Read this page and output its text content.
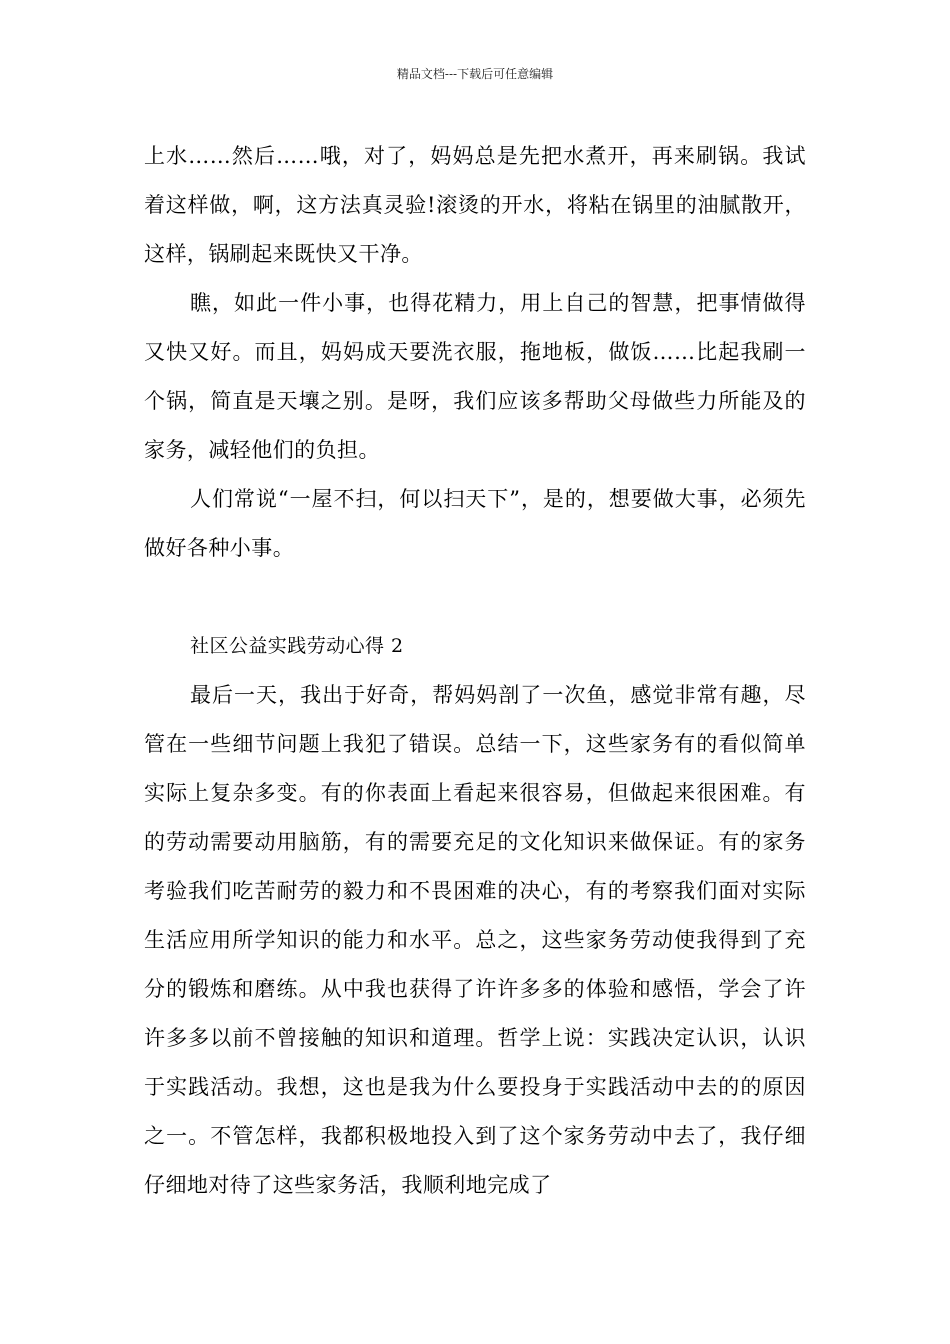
精品文档---下载后可任意编辑

上水……然后……哦，对了，妈妈总是先把水煮开，再来刷锅。我试着这样做，啊，这方法真灵验!滚烫的开水，将粘在锅里的油腻散开，这样，锅刷起来既快又干净。

瞧，如此一件小事，也得花精力，用上自己的智慧，把事情做得又快又好。而且，妈妈成天要洗衣服，拖地板，做饭……比起我刷一个锅，简直是天壤之别。是呀，我们应该多帮助父母做些力所能及的家务，减轻他们的负担。

人们常说“一屋不扫，何以扫天下”，是的，想要做大事，必须先做好各种小事。

社区公益实践劳动心得 2

最后一天，我出于好奇，帮妈妈剖了一次鱼，感觉非常有趣，尽管在一些细节问题上我犯了错误。总结一下，这些家务有的看似简单实际上复杂多变。有的你表面上看起来很容易，但做起来很困难。有的劳动需要动用脑筋，有的需要充足的文化知识来做保证。有的家务考验我们吃苦耐劳的毅力和不畏困难的决心，有的考察我们面对实际生活应用所学知识的能力和水平。总之，这些家务劳动使我得到了充分的锻炼和磨练。从中我也获得了许许多多的体验和感悟，学会了许许多多以前不曾接触的知识和道理。哲学上说：实践决定认识，认识于实践活动。我想，这也是我为什么要投身于实践活动中去的的原因之一。不管怎样，我都积极地投入到了这个家务劳动中去了，我仔细仔细地对待了这些家务活，我顺利地完成了
